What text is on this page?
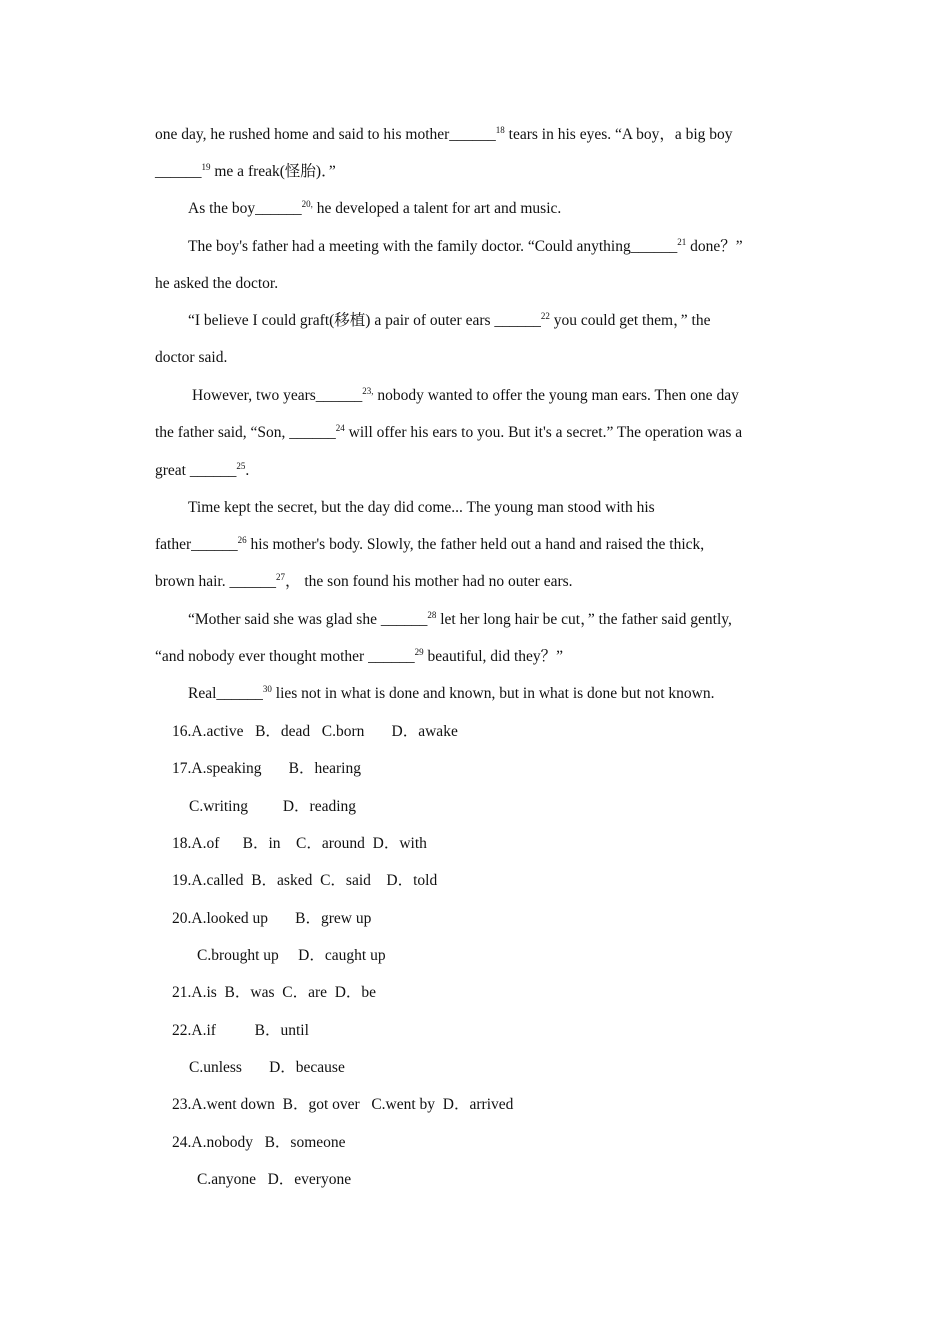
one day, he rushed home and said to his mother______$^{18}$ tears in his eyes. “A boy，a big boy
______$^{19}$ me a freak(怪胎)．”
As the boy______$^{20,}$ he developed a talent for art and music.
The boy's father had a meeting with the family doctor. “Could anything______$^{21}$ done？”
he asked the doctor.
“I believe I could graft(移植) a pair of outer ears ______$^{22}$ you could get them，” the
doctor said.
However, two years______$^{23,}$ nobody wanted to offer the young man ears. Then one day
the father said, “Son, ______$^{24}$ will offer his ears to you. But it's a secret.” The operation was a
great ______$^{25}$.
Time kept the secret, but the day did come... The young man stood with his
father______$^{26}$ his mother's body. Slowly, the father held out a hand and raised the thick,
brown hair. ______$^{27}$， the son found his mother had no outer ears.
“Mother said she was glad she ______$^{28}$ let her long hair be cut，” the father said gently,
“and nobody ever thought mother ______$^{29}$ beautiful, did they？”
Real______$^{30}$ lies not in what is done and known, but in what is done but not known.
16.A.active   B．dead   C.born       D．awake
17.A.speaking       B．hearing
C.writing         D．reading
18.A.of      B．in    C．around  D．with
19.A.called  B．asked  C．said    D．told
20.A.looked up       B．grew up
C.brought up     D．caught up
21.A.is  B．was  C．are  D．be
22.A.if          B．until
C.unless       D．because
23.A.went down  B．got over   C.went by  D．arrived
24.A.nobody   B．someone
C.anyone   D．everyone
